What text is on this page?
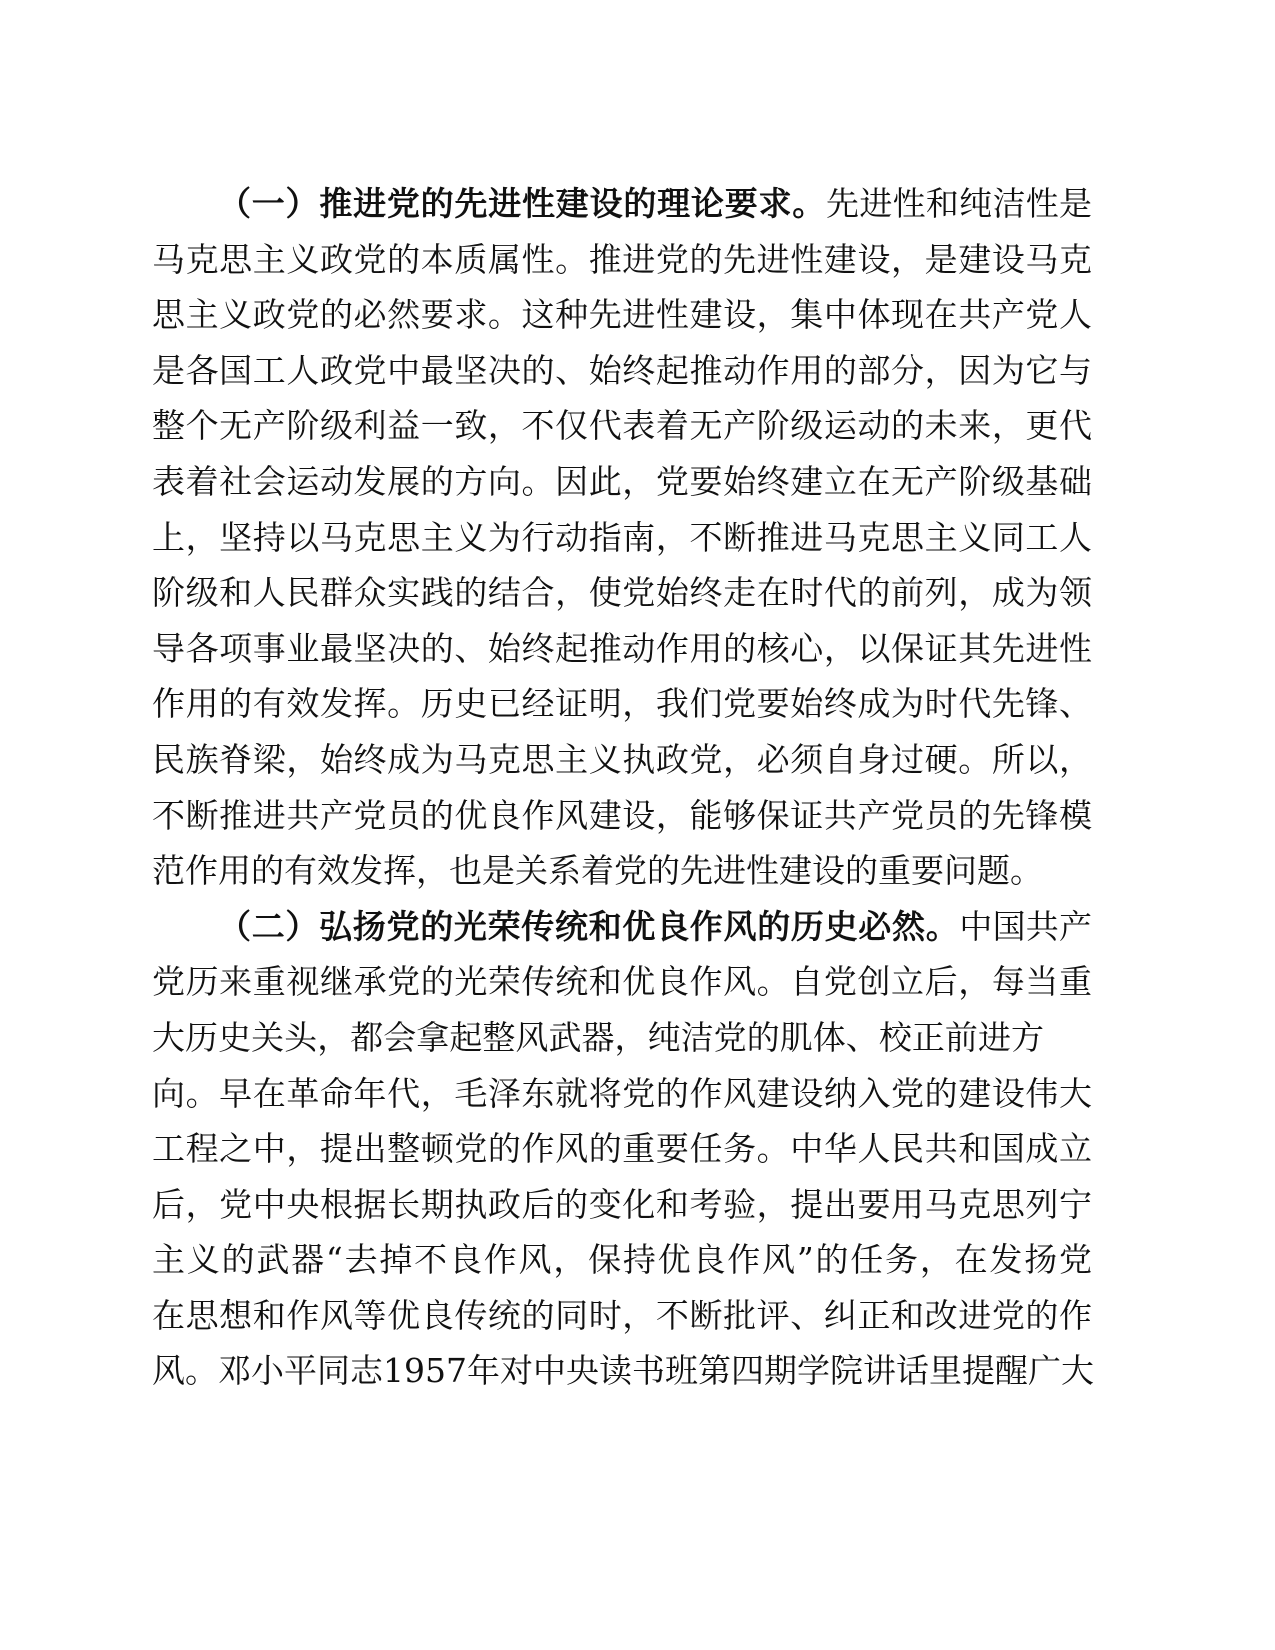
（一）推进党的先进性建设的理论要求。先进性和纯洁性是
马克思主义政党的本质属性。推进党的先进性建设，是建设马克
思主义政党的必然要求。这种先进性建设，集中体现在共产党人
是各国工人政党中最坚决的、始终起推动作用的部分，因为它与
整个无产阶级利益一致，不仅代表着无产阶级运动的未来，更代
表着社会运动发展的方向。因此，党要始终建立在无产阶级基础
上，坚持以马克思主义为行动指南，不断推进马克思主义同工人
阶级和人民群众实践的结合，使党始终走在时代的前列，成为领
导各项事业最坚决的、始终起推动作用的核心，以保证其先进性
作用的有效发挥。历史已经证明，我们党要始终成为时代先锋、
民族脊梁，始终成为马克思主义执政党，必须自身过硬。所以，
不断推进共产党员的优良作风建设，能够保证共产党员的先锋模
范作用的有效发挥，也是关系着党的先进性建设的重要问题。
（二）弘扬党的光荣传统和优良作风的历史必然。中国共产
党历来重视继承党的光荣传统和优良作风。自党创立后，每当重
大历史关头，都会拿起整风武器，纯洁党的肌体、校正前进方
向。早在革命年代，毛泽东就将党的作风建设纳入党的建设伟大
工程之中，提出整顿党的作风的重要任务。中华人民共和国成立
后，党中央根据长期执政后的变化和考验，提出要用马克思列宁
主义的武器“去掉不良作风，保持优良作风”的任务，在发扬党
在思想和作风等优良传统的同时，不断批评、纠正和改进党的作
风。邓小平同志1957年对中央读书班第四期学院讲话里提醒广大
